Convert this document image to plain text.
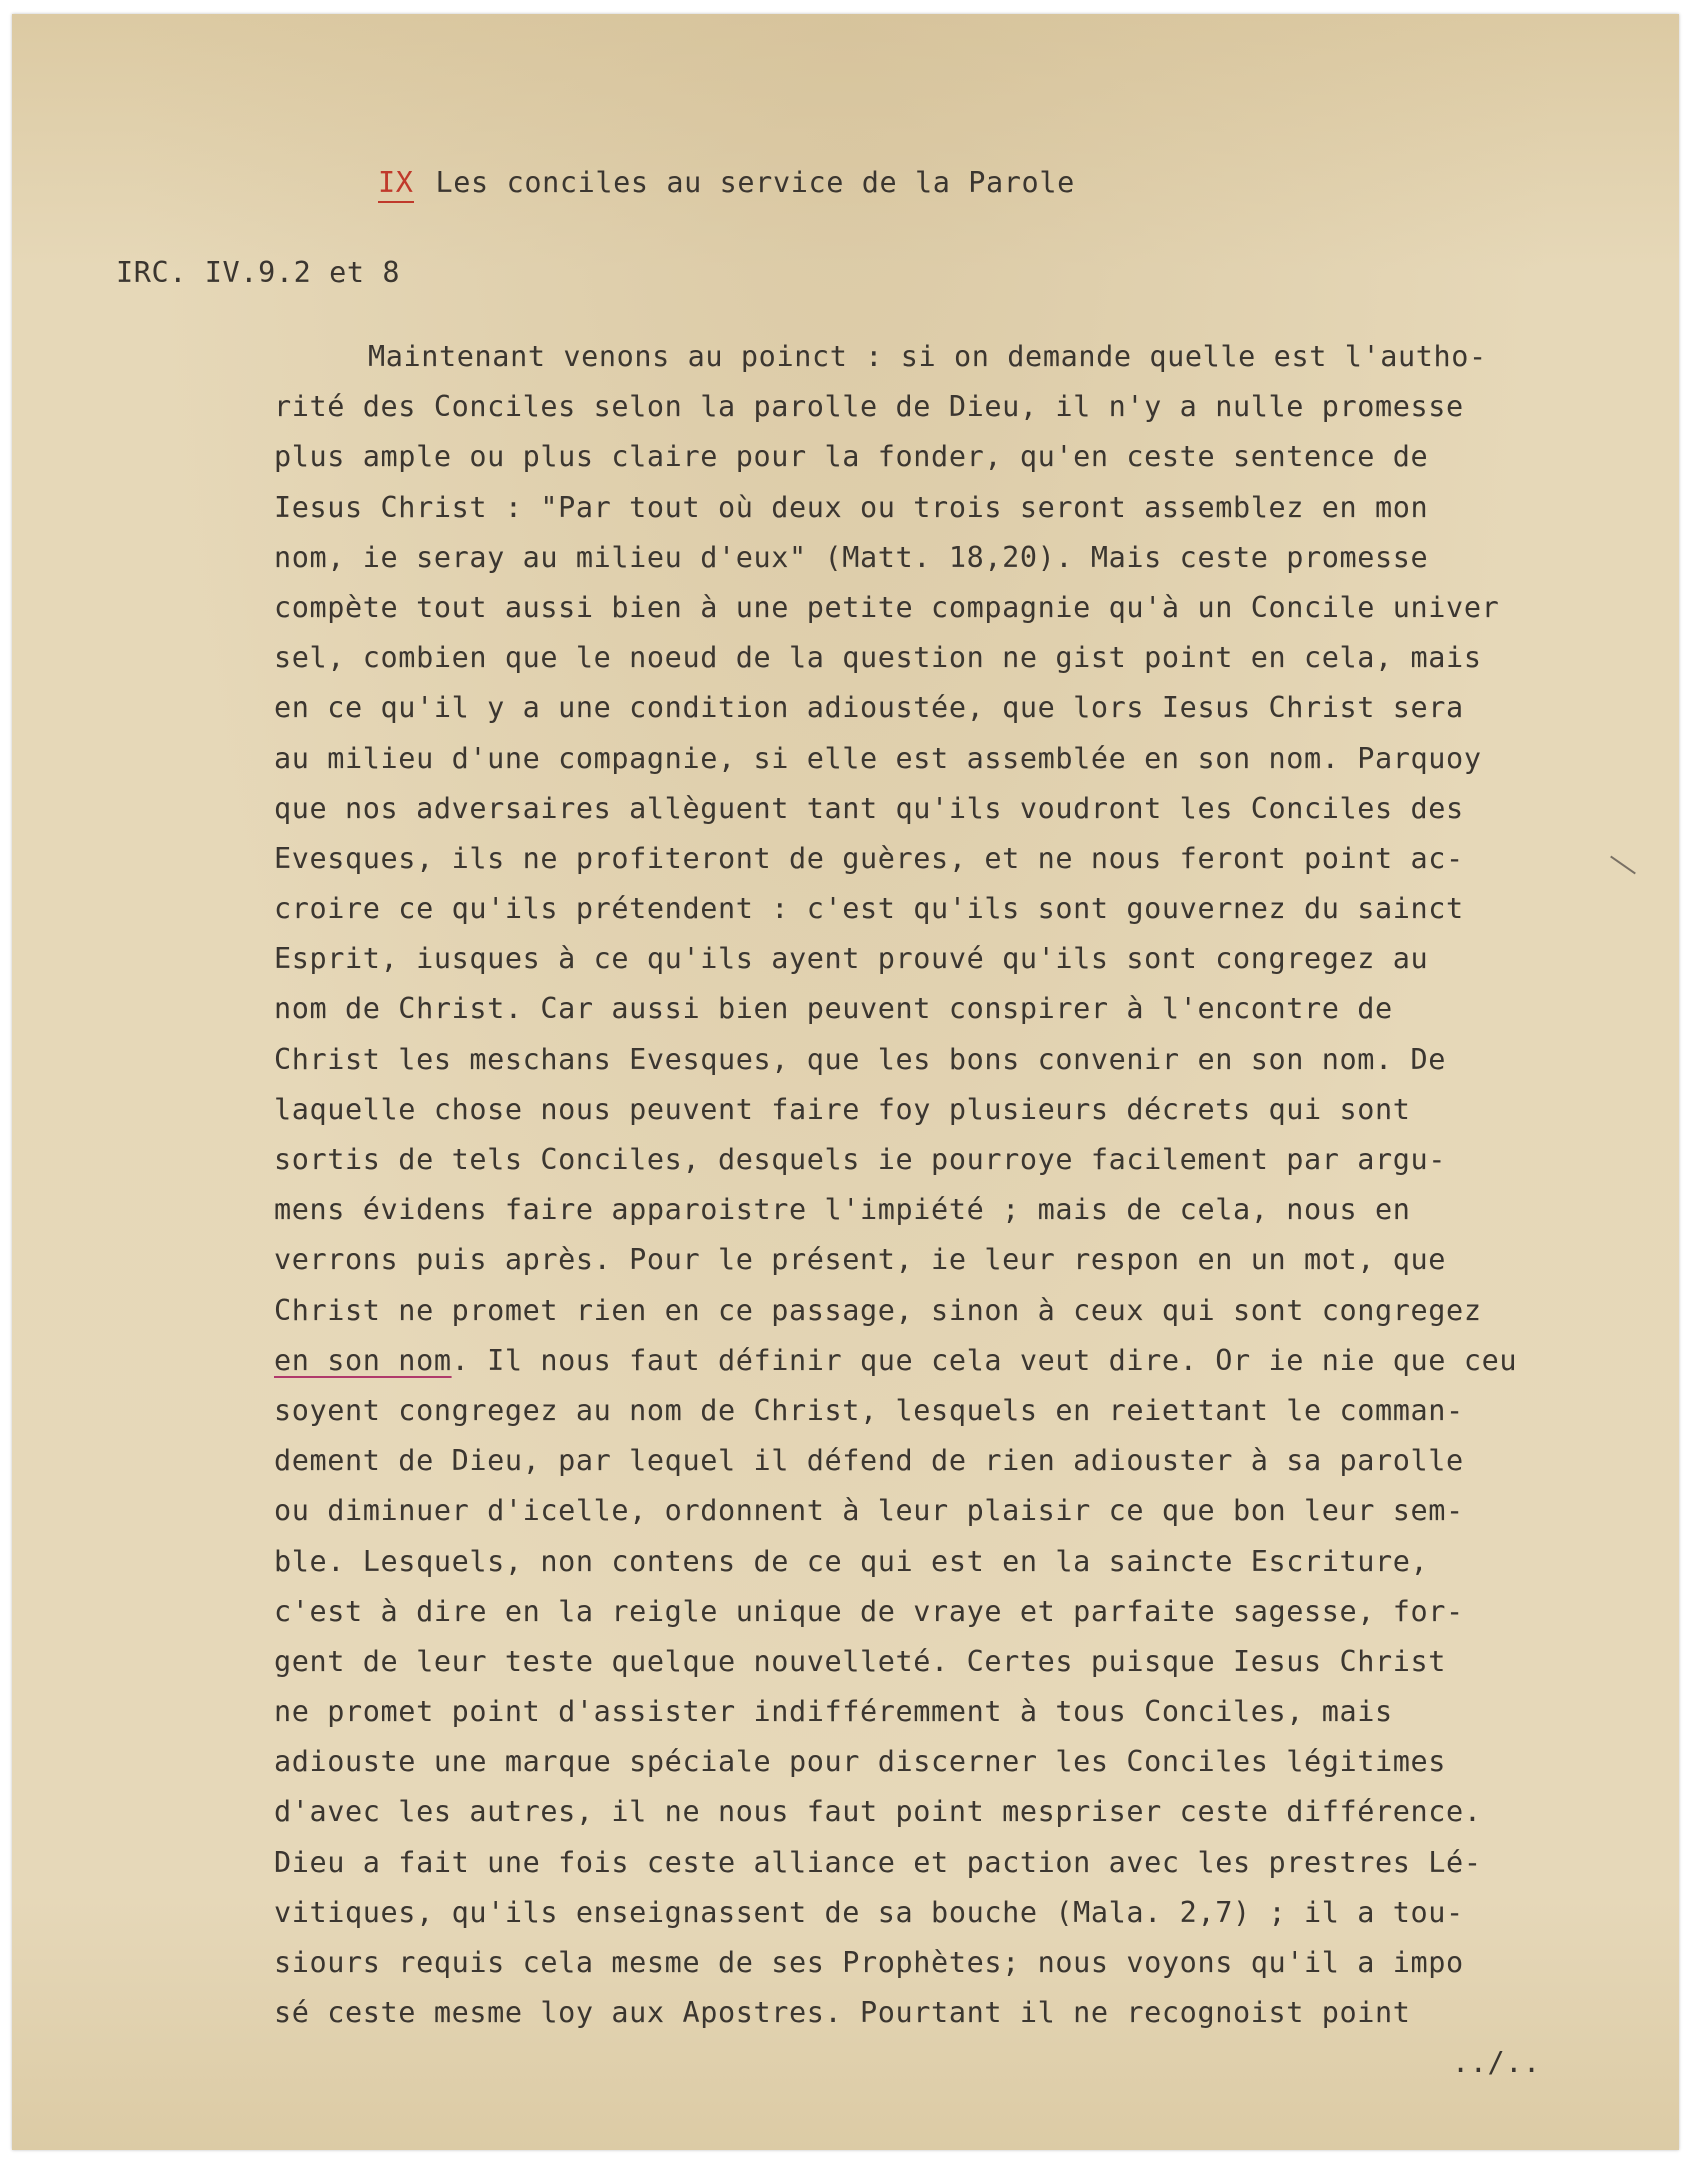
IX Les conciles au service de la Parole
IRC. IV.9.2 et 8
Maintenant venons au poinct : si on demande quelle est l'autho-
rité des Conciles selon la parolle de Dieu, il n'y a nulle promesse
plus ample ou plus claire pour la fonder, qu'en ceste sentence de
Iesus Christ : "Par tout où deux ou trois seront assemblez en mon
nom, ie seray au milieu d'eux" (Matt. 18,20). Mais ceste promesse
compète tout aussi bien à une petite compagnie qu'à un Concile univer
sel, combien que le noeud de la question ne gist point en cela, mais
en ce qu'il y a une condition adioustée, que lors Iesus Christ sera
au milieu d'une compagnie, si elle est assemblée en son nom. Parquoy
que nos adversaires allèguent tant qu'ils voudront les Conciles des
Evesques, ils ne profiteront de guères, et ne nous feront point ac-
croire ce qu'ils prétendent : c'est qu'ils sont gouvernez du sainct
Esprit, iusques à ce qu'ils ayent prouvé qu'ils sont congregez au
nom de Christ. Car aussi bien peuvent conspirer à l'encontre de
Christ les meschans Evesques, que les bons convenir en son nom. De
laquelle chose nous peuvent faire foy plusieurs décrets qui sont
sortis de tels Conciles, desquels ie pourroye facilement par argu-
mens évidens faire apparoistre l'impiété ; mais de cela, nous en
verrons puis après. Pour le présent, ie leur respon en un mot, que
Christ ne promet rien en ce passage, sinon à ceux qui sont congregez
en son nom. Il nous faut définir que cela veut dire. Or ie nie que ceu
soyent congregez au nom de Christ, lesquels en reiettant le comman-
dement de Dieu, par lequel il défend de rien adiouster à sa parolle
ou diminuer d'icelle, ordonnent à leur plaisir ce que bon leur sem-
ble. Lesquels, non contens de ce qui est en la saincte Escriture,
c'est à dire en la reigle unique de vraye et parfaite sagesse, for-
gent de leur teste quelque nouvelleté. Certes puisque Iesus Christ
ne promet point d'assister indifféremment à tous Conciles, mais
adiouste une marque spéciale pour discerner les Conciles légitimes
d'avec les autres, il ne nous faut point mespriser ceste différence.
Dieu a fait une fois ceste alliance et paction avec les prestres Lé-
vitiques, qu'ils enseignassent de sa bouche (Mala. 2,7) ; il a tou-
siours requis cela mesme de ses Prophètes; nous voyons qu'il a impo
sé ceste mesme loy aux Apostres. Pourtant il ne recognoist point
../..
